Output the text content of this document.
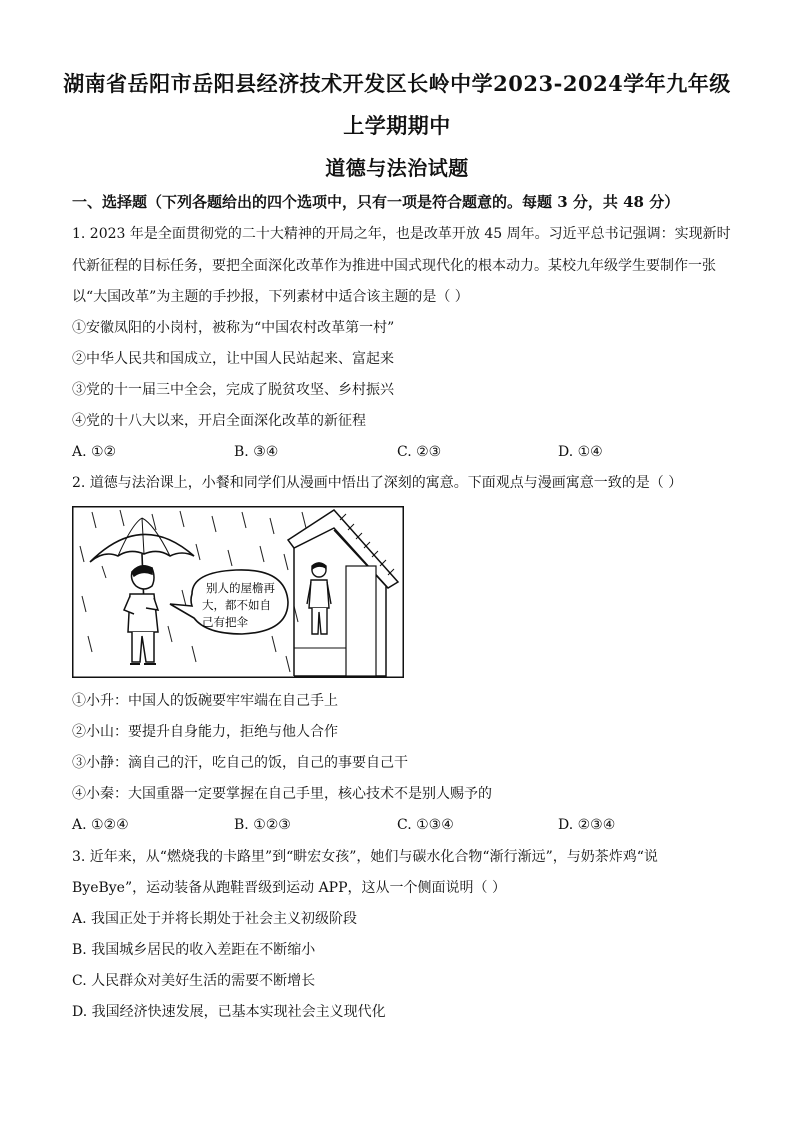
湖南省岳阳市岳阳县经济技术开发区长岭中学2023-2024学年九年级
上学期期中
道德与法治试题
一、选择题（下列各题给出的四个选项中，只有一项是符合题意的。每题 3 分，共 48 分）
1. 2023 年是全面贯彻党的二十大精神的开局之年，也是改革开放 45 周年。习近平总书记强调：实现新时
代新征程的目标任务，要把全面深化改革作为推进中国式现代化的根本动力。某校九年级学生要制作一张
以“大国改革”为主题的手抄报，下列素材中适合该主题的是（ ）
①安徽凤阳的小岗村，被称为“中国农村改革第一村”
②中华人民共和国成立，让中国人民站起来、富起来
③党的十一届三中全会，完成了脱贫攻坚、乡村振兴
④党的十八大以来，开启全面深化改革的新征程
A. ①②	B. ③④	C. ②③	D. ①④
2. 道德与法治课上，小餐和同学们从漫画中悟出了深刻的寓意。下面观点与漫画寓意一致的是（ ）
别人的屋檐再
大，都不如自
己有把伞
①小升：中国人的饭碗要牢牢端在自己手上
②小山：要提升自身能力，拒绝与他人合作
③小静：滴自己的汗，吃自己的饭，自己的事要自己干
④小秦：大国重器一定要掌握在自己手里，核心技术不是别人赐予的
A. ①②④	B. ①②③	C. ①③④	D. ②③④
3. 近年来，从“燃烧我的卡路里”到“畊宏女孩”，她们与碳水化合物“渐行渐远”，与奶茶炸鸡“说
ByeBye”，运动装备从跑鞋晋级到运动 APP，这从一个侧面说明（ ）
A. 我国正处于并将长期处于社会主义初级阶段
B. 我国城乡居民的收入差距在不断缩小
C. 人民群众对美好生活的需要不断增长
D. 我国经济快速发展，已基本实现社会主义现代化
